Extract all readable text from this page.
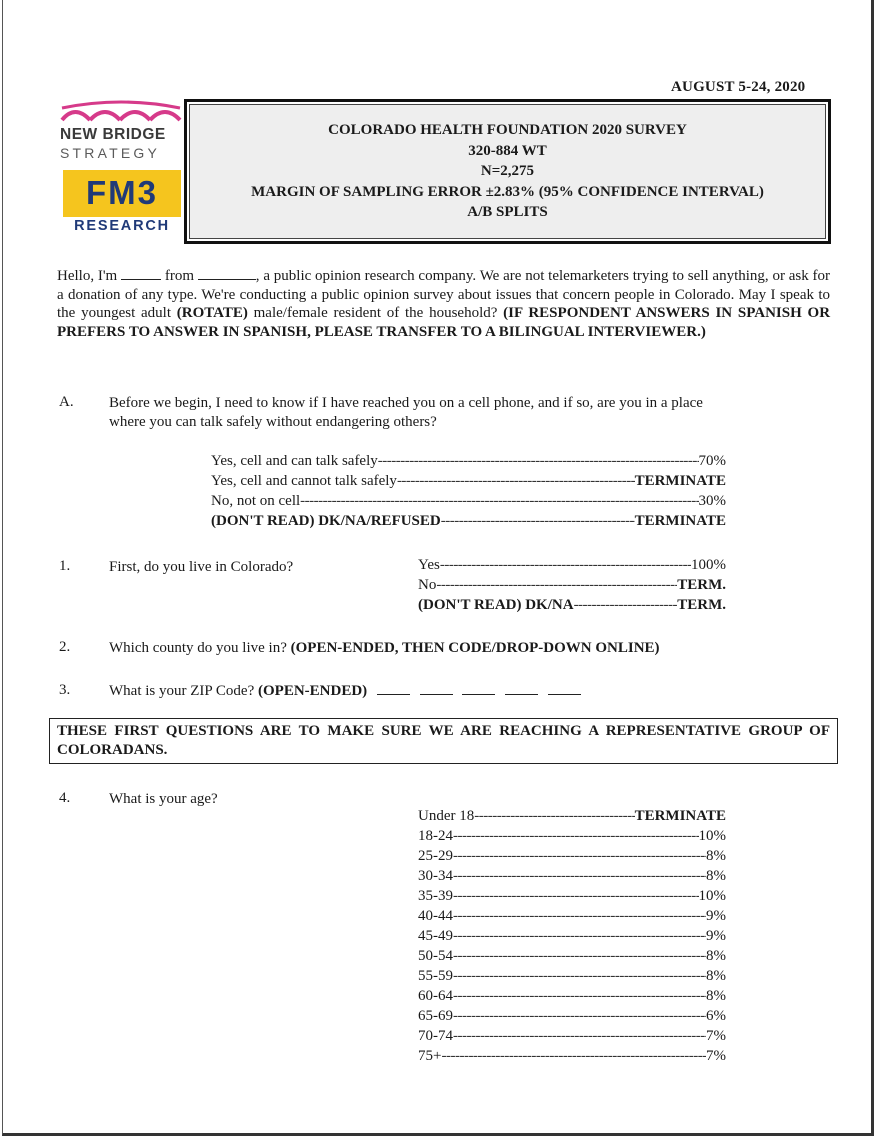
AUGUST 5-24, 2020
NEW BRIDGE
STRATEGY
FM3
RESEARCH
COLORADO HEALTH FOUNDATION 2020 SURVEY
320-884 WT
N=2,275
MARGIN OF SAMPLING ERROR ±2.83% (95% CONFIDENCE INTERVAL)
A/B SPLITS
Hello, I'm	from	, a public opinion research company. We are not telemarketers trying to sell anything, or ask for a donation of any type. We're conducting a public opinion survey about issues that concern people in Colorado. May I speak to the youngest adult (ROTATE) male/female resident of the household? (IF RESPONDENT ANSWERS IN SPANISH OR PREFERS TO ANSWER IN SPANISH, PLEASE TRANSFER TO A BILINGUAL INTERVIEWER.)
A. Before we begin, I need to know if I have reached you on a cell phone, and if so, are you in a place
where you can talk safely without endangering others?
Yes, cell and can talk safely -----	70%
Yes, cell and cannot talk safely -----	TERMINATE
No, not on cell -----	30%
(DON'T READ) DK/NA/REFUSED -----	TERMINATE
1.	First, do you live in Colorado?	Yes -----	100%
No -----	TERM.
(DON'T READ) DK/NA -----	TERM.
2.	Which county do you live in? (OPEN-ENDED, THEN CODE/DROP-DOWN ONLINE)
3.	What is your ZIP Code? (OPEN-ENDED)
THESE FIRST QUESTIONS ARE TO MAKE SURE WE ARE REACHING A REPRESENTATIVE GROUP OF COLORADANS.
4.	What is your age?
Under 18 -----	TERMINATE
18-24 -----	10%
25-29 -----	8%
30-34 -----	8%
35-39 -----	10%
40-44 -----	9%
45-49 -----	9%
50-54 -----	8%
55-59 -----	8%
60-64 -----	8%
65-69 -----	6%
70-74 -----	7%
75+ -----	7%
